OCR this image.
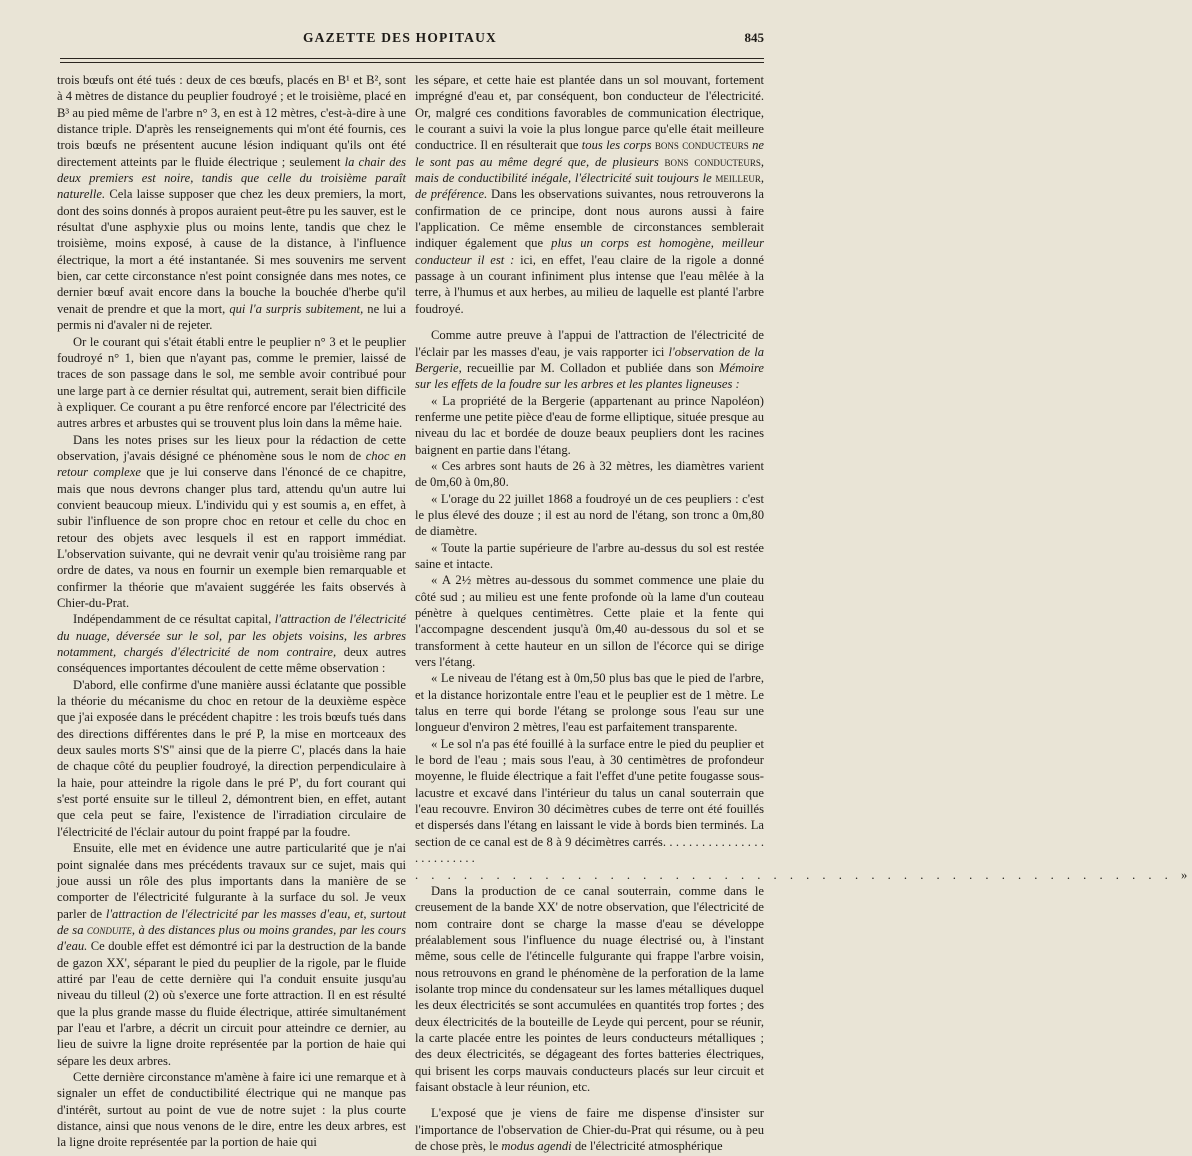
GAZETTE DES HOPITAUX	845

trois bœufs ont été tués : deux de ces bœufs, placés en B¹ et B², sont à 4 mètres de distance du peuplier foudroyé ; et le troisième, placé en B³ au pied même de l'arbre n° 3, en est à 12 mètres, c'est-à-dire à une distance triple. D'après les renseignements qui m'ont été fournis, ces trois bœufs ne présentent aucune lésion indiquant qu'ils ont été directement atteints par le fluide électrique ; seulement la chair des deux premiers est noire, tandis que celle du troisième paraît naturelle. Cela laisse supposer que chez les deux premiers, la mort, dont des soins donnés à propos auraient peut-être pu les sauver, est le résultat d'une asphyxie plus ou moins lente, tandis que chez le troisième, moins exposé, à cause de la distance, à l'influence électrique, la mort a été instantanée. Si mes souvenirs me servent bien, car cette circonstance n'est point consignée dans mes notes, ce dernier bœuf avait encore dans la bouche la bouchée d'herbe qu'il venait de prendre et que la mort, qui l'a surpris subitement, ne lui a permis ni d'avaler ni de rejeter.

Or le courant qui s'était établi entre le peuplier n° 3 et le peuplier foudroyé n° 1, bien que n'ayant pas, comme le premier, laissé de traces de son passage dans le sol, me semble avoir contribué pour une large part à ce dernier résultat qui, autrement, serait bien difficile à expliquer. Ce courant a pu être renforcé encore par l'électricité des autres arbres et arbustes qui se trouvent plus loin dans la même haie.

Dans les notes prises sur les lieux pour la rédaction de cette observation, j'avais désigné ce phénomène sous le nom de choc en retour complexe que je lui conserve dans l'énoncé de ce chapitre, mais que nous devrons changer plus tard, attendu qu'un autre lui convient beaucoup mieux. L'individu qui y est soumis a, en effet, à subir l'influence de son propre choc en retour et celle du choc en retour des objets avec lesquels il est en rapport immédiat. L'observation suivante, qui ne devrait venir qu'au troisième rang par ordre de dates, va nous en fournir un exemple bien remarquable et confirmer la théorie que m'avaient suggérée les faits observés à Chier-du-Prat.

Indépendamment de ce résultat capital, l'attraction de l'électricité du nuage, déversée sur le sol, par les objets voisins, les arbres notamment, chargés d'électricité de nom contraire, deux autres conséquences importantes découlent de cette même observation :

D'abord, elle confirme d'une manière aussi éclatante que possible la théorie du mécanisme du choc en retour de la deuxième espèce que j'ai exposée dans le précédent chapitre : les trois bœufs tués dans des directions différentes dans le pré P, la mise en mortceaux des deux saules morts S'S'' ainsi que de la pierre C', placés dans la haie de chaque côté du peuplier foudroyé, la direction perpendiculaire à la haie, pour atteindre la rigole dans le pré P', du fort courant qui s'est porté ensuite sur le tilleul 2, démontrent bien, en effet, autant que cela peut se faire, l'existence de l'irradiation circulaire de l'électricité de l'éclair autour du point frappé par la foudre.

Ensuite, elle met en évidence une autre particularité que je n'ai point signalée dans mes précédents travaux sur ce sujet, mais qui joue aussi un rôle des plus importants dans la manière de se comporter de l'électricité fulgurante à la surface du sol. Je veux parler de l'attraction de l'électricité par les masses d'eau, et, surtout de sa conduite, à des distances plus ou moins grandes, par les cours d'eau. Ce double effet est démontré ici par la destruction de la bande de gazon XX', séparant le pied du peuplier de la rigole, par le fluide attiré par l'eau de cette dernière qui l'a conduit ensuite jusqu'au niveau du tilleul (2) où s'exerce une forte attraction. Il en est résulté que la plus grande masse du fluide électrique, attirée simultanément par l'eau et l'arbre, a décrit un circuit pour atteindre ce dernier, au lieu de suivre la ligne droite représentée par la portion de haie qui sépare les deux arbres.

Cette dernière circonstance m'amène à faire ici une remarque et à signaler un effet de conductibilité électrique qui ne manque pas d'intérêt, surtout au point de vue de notre sujet : la plus courte distance, ainsi que nous venons de le dire, entre les deux arbres, est la ligne droite représentée par la portion de haie qui

les sépare, et cette haie est plantée dans un sol mouvant, fortement imprégné d'eau et, par conséquent, bon conducteur de l'électricité. Or, malgré ces conditions favorables de communication électrique, le courant a suivi la voie la plus longue parce qu'elle était meilleure conductrice. Il en résulterait que tous les corps bons conducteurs ne le sont pas au même degré que, de plusieurs bons conducteurs, mais de conductibilité inégale, l'électricité suit toujours le meilleur, de préférence. Dans les observations suivantes, nous retrouverons la confirmation de ce principe, dont nous aurons aussi à faire l'application. Ce même ensemble de circonstances semblerait indiquer également que plus un corps est homogène, meilleur conducteur il est : ici, en effet, l'eau claire de la rigole a donné passage à un courant infiniment plus intense que l'eau mêlée à la terre, à l'humus et aux herbes, au milieu de laquelle est planté l'arbre foudroyé.

Comme autre preuve à l'appui de l'attraction de l'électricité de l'éclair par les masses d'eau, je vais rapporter ici l'observation de la Bergerie, recueillie par M. Colladon et publiée dans son Mémoire sur les effets de la foudre sur les arbres et les plantes ligneuses :

« La propriété de la Bergerie (appartenant au prince Napoléon) renferme une petite pièce d'eau de forme elliptique, située presque au niveau du lac et bordée de douze beaux peupliers dont les racines baignent en partie dans l'étang.

« Ces arbres sont hauts de 26 à 32 mètres, les diamètres varient de 0m,60 à 0m,80.

« L'orage du 22 juillet 1868 a foudroyé un de ces peupliers : c'est le plus élevé des douze ; il est au nord de l'étang, son tronc a 0m,80 de diamètre.

« Toute la partie supérieure de l'arbre au-dessus du sol est restée saine et intacte.

« A 2½ mètres au-dessous du sommet commence une plaie du côté sud ; au milieu est une fente profonde où la lame d'un couteau pénètre à quelques centimètres. Cette plaie et la fente qui l'accompagne descendent jusqu'à 0m,40 au-dessous du sol et se transforment à cette hauteur en un sillon de l'écorce qui se dirige vers l'étang.

« Le niveau de l'étang est à 0m,50 plus bas que le pied de l'arbre, et la distance horizontale entre l'eau et le peuplier est de 1 mètre. Le talus en terre qui borde l'étang se prolonge sous l'eau sur une longueur d'environ 2 mètres, l'eau est parfaitement transparente.

« Le sol n'a pas été fouillé à la surface entre le pied du peuplier et le bord de l'eau ; mais sous l'eau, à 30 centimètres de profondeur moyenne, le fluide électrique a fait l'effet d'une petite fougasse sous-lacustre et excavé dans l'intérieur du talus un canal souterrain que l'eau recouvre. Environ 30 décimètres cubes de terre ont été fouillés et dispersés dans l'étang en laissant le vide à bords bien terminés. La section de ce canal est de 8 à 9 décimètres carrés. . . . . . . . . . . . . . . . . . . . . . . . . .

. . . . . . . . . . . . . . . . . . . . . . . . . . . . . . . . . . . . . . . . . . . . . . . »

Dans la production de ce canal souterrain, comme dans le creusement de la bande XX' de notre observation, que l'électricité de nom contraire dont se charge la masse d'eau se développe préalablement sous l'influence du nuage électrisé ou, à l'instant même, sous celle de l'étincelle fulgurante qui frappe l'arbre voisin, nous retrouvons en grand le phénomène de la perforation de la lame isolante trop mince du condensateur sur les lames métalliques duquel les deux électricités se sont accumulées en quantités trop fortes ; des deux électricités de la bouteille de Leyde qui percent, pour se réunir, la carte placée entre les pointes de leurs conducteurs métalliques ; des deux électricités, se dégageant des fortes batteries électriques, qui brisent les corps mauvais conducteurs placés sur leur circuit et faisant obstacle à leur réunion, etc.

L'exposé que je viens de faire me dispense d'insister sur l'importance de l'observation de Chier-du-Prat qui résume, ou à peu de chose près, le modus agendi de l'électricité atmosphérique
